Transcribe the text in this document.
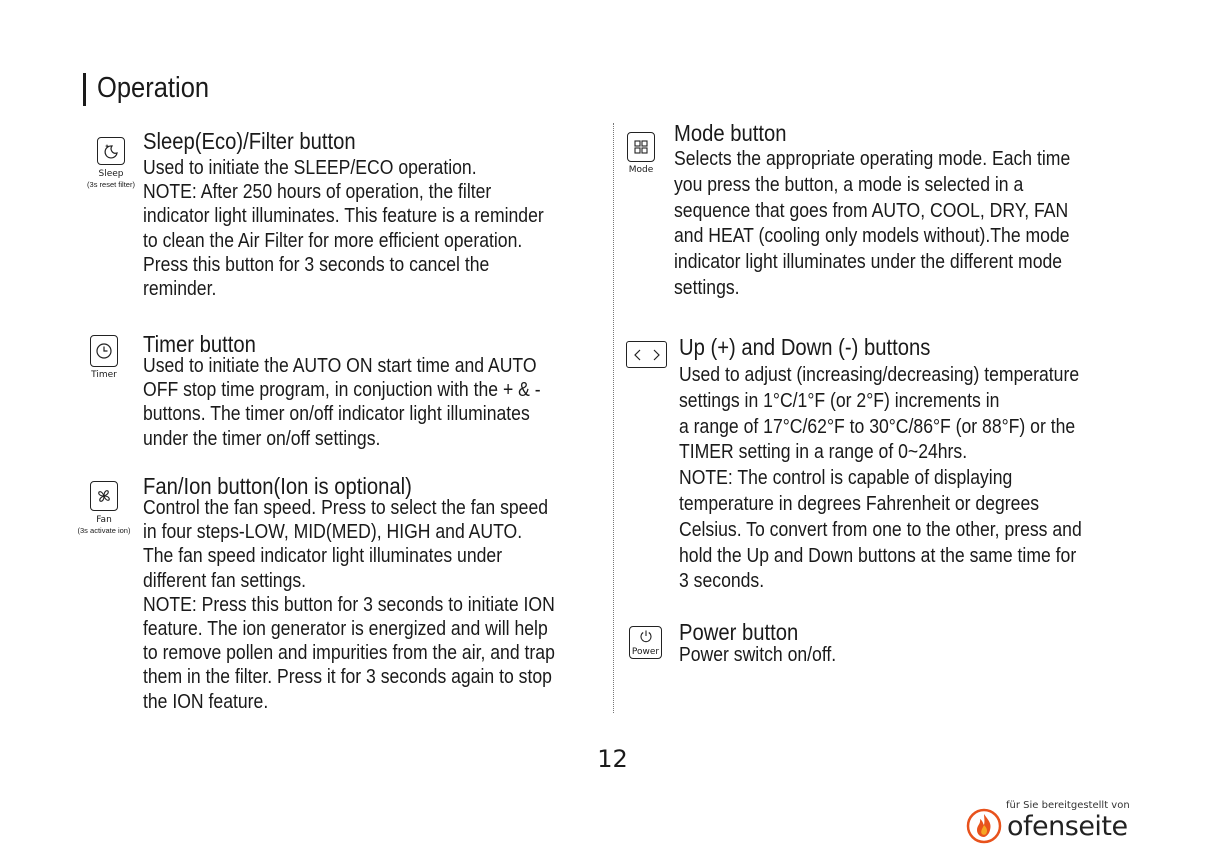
Operation
Sleep
(3s reset filter)
Sleep(Eco)/Filter button
Used to initiate the SLEEP/ECO operation.
NOTE: After 250 hours of operation, the filter
indicator light illuminates. This feature is a reminder
to clean the Air Filter for more efficient operation.
Press this button for 3 seconds to cancel the
reminder.
Timer
Timer button
Used to initiate the AUTO ON start time and AUTO
OFF stop time program, in conjuction with the + & -
buttons. The timer on/off indicator light illuminates
under the timer on/off settings.
Fan
(3s activate ion)
Fan/Ion button(Ion is optional)
Control the fan speed. Press to select the fan speed
in four steps-LOW, MID(MED), HIGH and AUTO.
The fan speed indicator light illuminates under
different fan settings.
NOTE: Press this button for 3 seconds to initiate ION
feature. The ion generator is energized and will help
to remove pollen and impurities from the air, and trap
them in the filter. Press it for 3 seconds again to stop
the ION feature.
Mode
Mode button
Selects the appropriate operating mode. Each time
you press the button, a mode is selected in a
sequence that goes from AUTO, COOL, DRY, FAN
and HEAT (cooling only models without).The mode
indicator light illuminates under the different mode
settings.
Up (+) and Down (-) buttons
Used to adjust (increasing/decreasing) temperature
settings in 1°C/1°F (or 2°F) increments in
a range of 17°C/62°F to 30°C/86°F (or 88°F) or the
TIMER setting in a range of 0~24hrs.
NOTE: The control is capable of displaying
temperature in degrees Fahrenheit or degrees
Celsius. To convert from one to the other, press and
hold the Up and Down buttons at the same time for
3 seconds.
Power
Power button
Power switch on/off.
12
für Sie bereitgestellt von
ofenseite
